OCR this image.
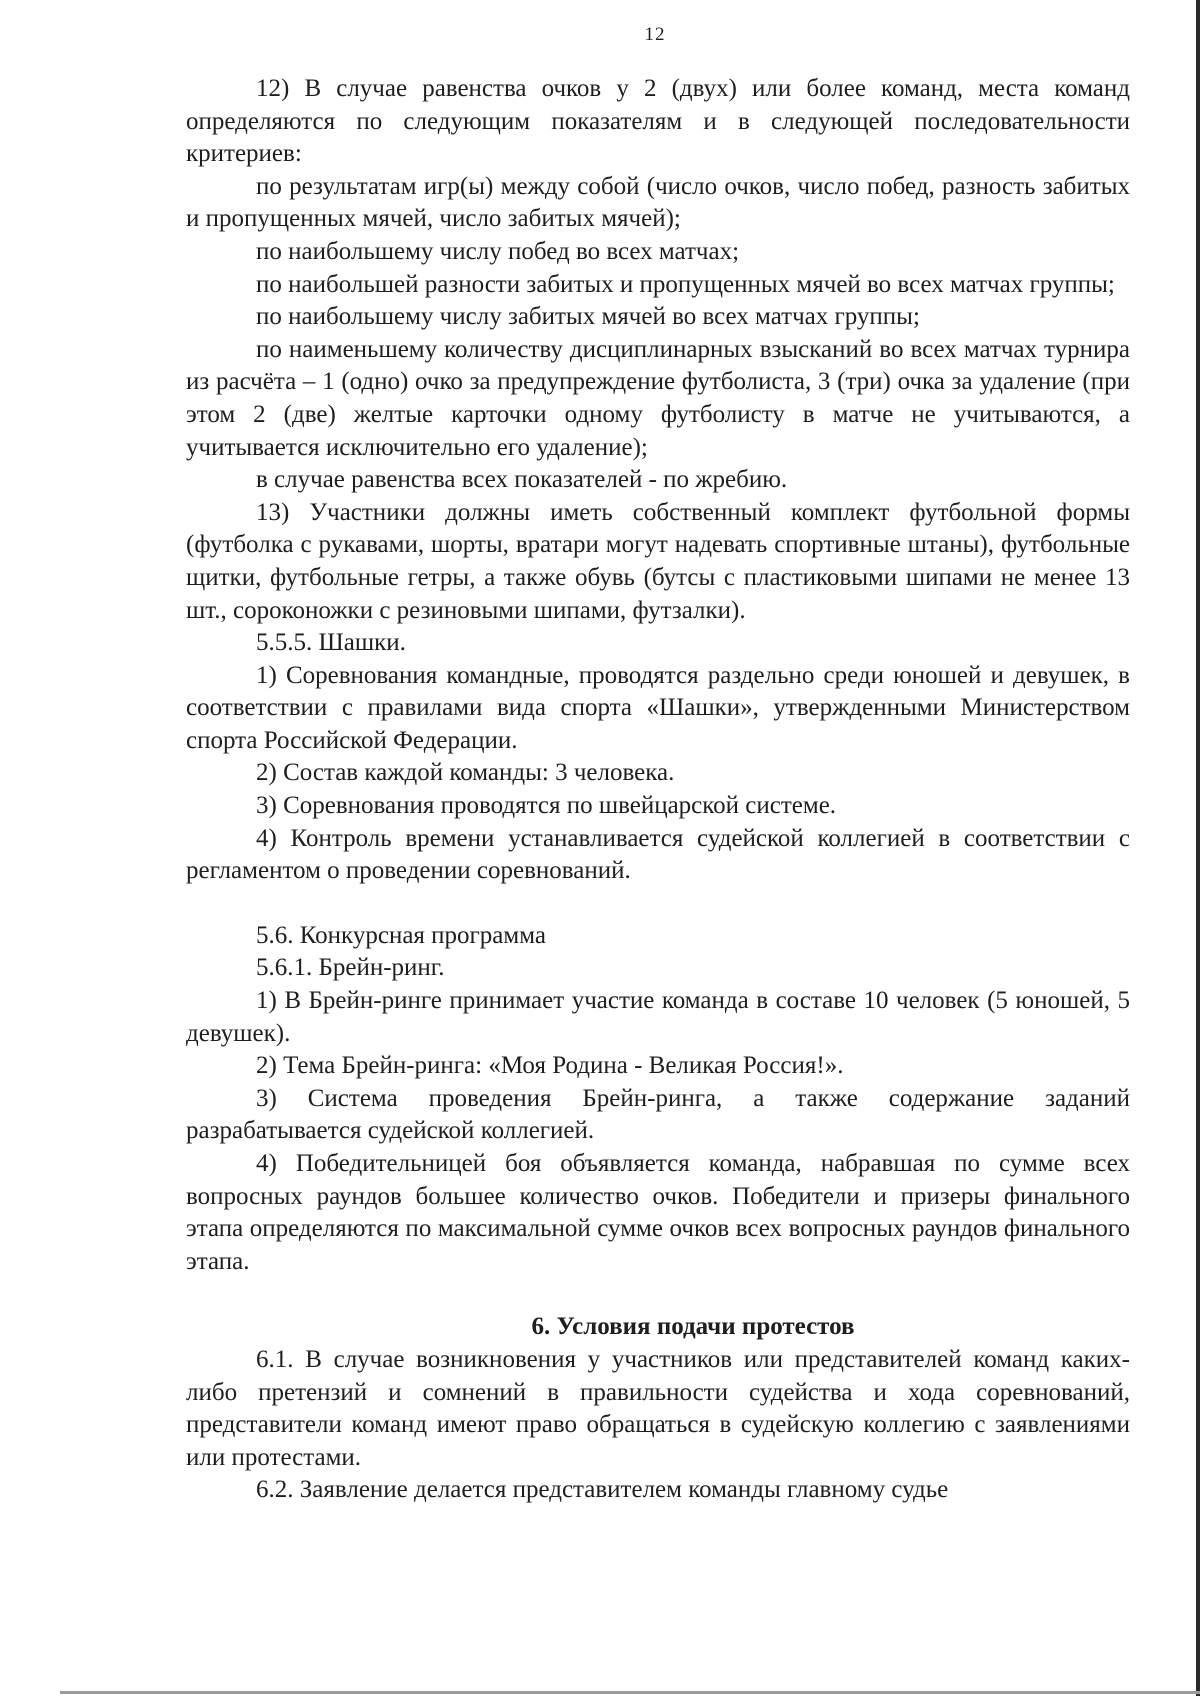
12

12) В случае равенства очков у 2 (двух) или более команд, места команд определяются по следующим показателям и в следующей последовательности критериев:

по результатам игр(ы) между собой (число очков, число побед, разность забитых и пропущенных мячей, число забитых мячей);

по наибольшему числу побед во всех матчах;

по наибольшей разности забитых и пропущенных мячей во всех матчах группы;

по наибольшему числу забитых мячей во всех матчах группы;

по наименьшему количеству дисциплинарных взысканий во всех матчах турнира из расчёта – 1 (одно) очко за предупреждение футболиста, 3 (три) очка за удаление (при этом 2 (две) желтые карточки одному футболисту в матче не учитываются, а учитывается исключительно его удаление);

в случае равенства всех показателей - по жребию.

13) Участники должны иметь собственный комплект футбольной формы (футболка с рукавами, шорты, вратари могут надевать спортивные штаны), футбольные щитки, футбольные гетры, а также обувь (бутсы с пластиковыми шипами не менее 13 шт., сороконожки с резиновыми шипами, футзалки).

5.5.5. Шашки.

1) Соревнования командные, проводятся раздельно среди юношей и девушек, в соответствии с правилами вида спорта «Шашки», утвержденными Министерством спорта Российской Федерации.

2) Состав каждой команды: 3 человека.

3) Соревнования проводятся по швейцарской системе.

4) Контроль времени устанавливается судейской коллегией в соответствии с регламентом о проведении соревнований.

5.6. Конкурсная программа

5.6.1. Брейн-ринг.

1) В Брейн-ринге принимает участие команда в составе 10 человек (5 юношей, 5 девушек).

2) Тема Брейн-ринга: «Моя Родина - Великая Россия!».

3) Система проведения Брейн-ринга, а также содержание заданий разрабатывается судейской коллегией.

4) Победительницей боя объявляется команда, набравшая по сумме всех вопросных раундов большее количество очков. Победители и призеры финального этапа определяются по максимальной сумме очков всех вопросных раундов финального этапа.

6. Условия подачи протестов

6.1. В случае возникновения у участников или представителей команд каких-либо претензий и сомнений в правильности судейства и хода соревнований, представители команд имеют право обращаться в судейскую коллегию с заявлениями или протестами.

6.2. Заявление делается представителем команды главному судье
